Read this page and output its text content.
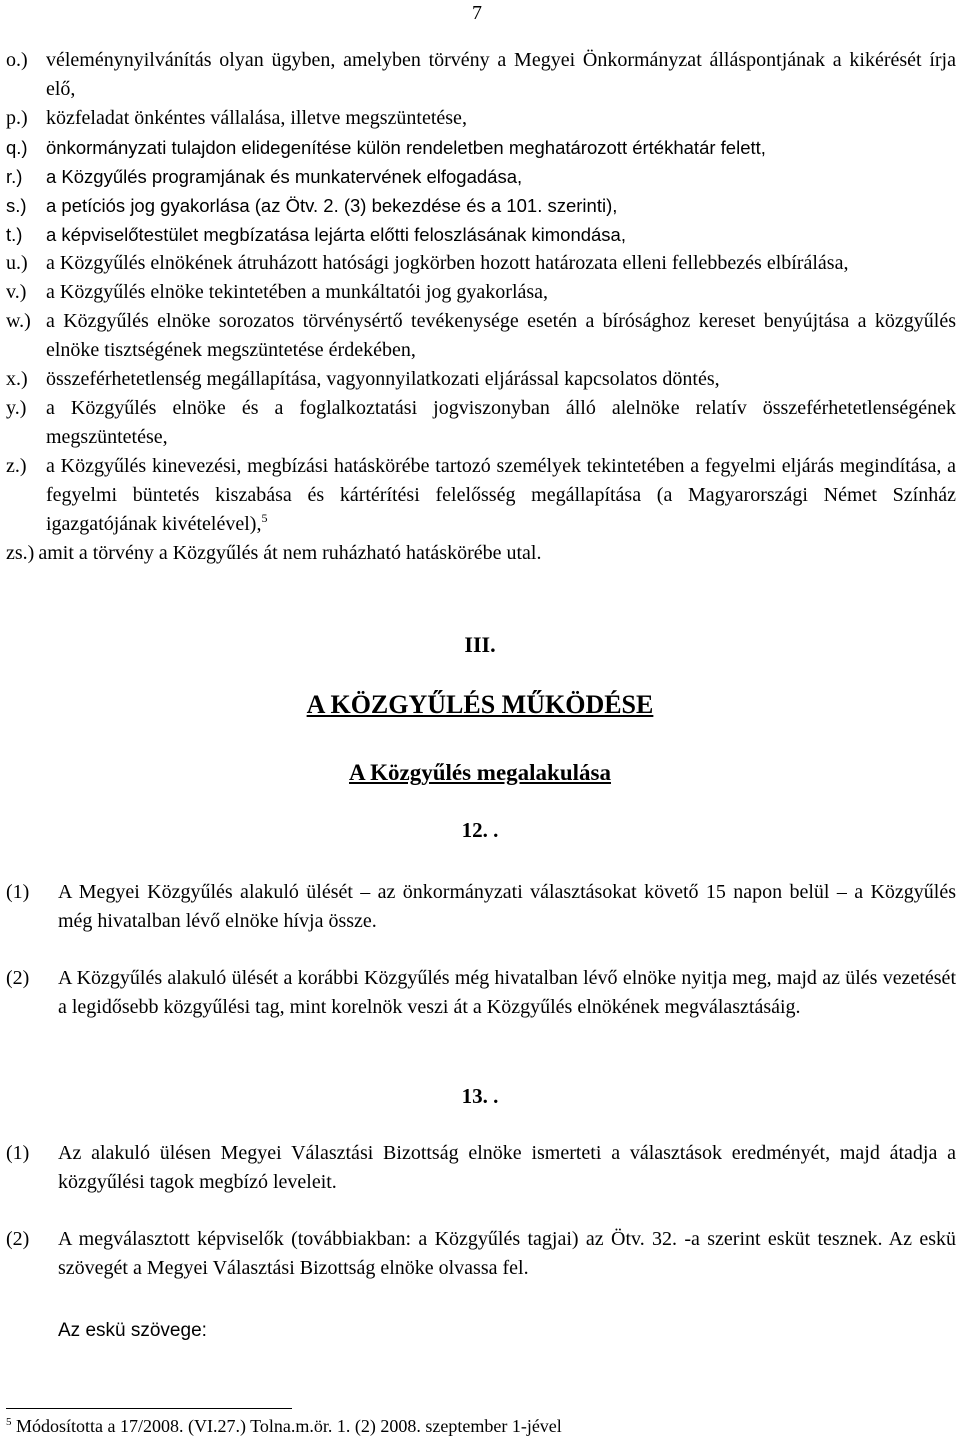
7
o.) véleménynyilvánítás olyan ügyben, amelyben törvény a Megyei Önkormányzat álláspontjának a kikérését írja elő,
p.) közfeladat önkéntes vállalása, illetve megszüntetése,
q.) önkormányzati tulajdon elidegenítése külön rendeletben meghatározott értékhatár felett,
r.)	a Közgyűlés programjának és munkatervének elfogadása,
s.)	a petíciós jog gyakorlása (az Ötv. 2. (3) bekezdése és a 101. szerinti),
t.)	a képviselőtestület megbízatása lejárta előtti feloszlásának kimondása,
u.) a Közgyűlés elnökének átruházott hatósági jogkörben hozott határozata elleni fellebbezés elbírálása,
v.) a Közgyűlés elnöke tekintetében a munkáltatói jog gyakorlása,
w.) a Közgyűlés elnöke sorozatos törvénysértő tevékenysége esetén a bírósághoz kereset benyújtása a közgyűlés elnöke tisztségének megszüntetése érdekében,
x.) összeférhetetlenség megállapítása, vagyonnyilatkozati eljárással kapcsolatos döntés,
y.) a Közgyűlés elnöke és a foglalkoztatási jogviszonyban álló alelnöke relatív összeférhetetlenségének megszüntetése,
z.) a Közgyűlés kinevezési, megbízási hatáskörébe tartozó személyek tekintetében a fegyelmi eljárás megindítása, a fegyelmi büntetés kiszabása és kártérítési felelősség megállapítása (a Magyarországi Német Színház igazgatójának kivételével),$^5$
zs.) amit a törvény a Közgyűlés át nem ruházható hatáskörébe utal.
III.
A KÖZGYŰLÉS MŰKÖDÉSE
A Közgyűlés megalakulása
12. .
(1)	A Megyei Közgyűlés alakuló ülését – az önkormányzati választásokat követő 15 napon belül – a Közgyűlés még hivatalban lévő elnöke hívja össze.
(2)	A Közgyűlés alakuló ülését a korábbi Közgyűlés még hivatalban lévő elnöke nyitja meg, majd az ülés vezetését a legidősebb közgyűlési tag, mint korelnök veszi át a Közgyűlés elnökének megválasztásáig.
13. .
(1)	Az alakuló ülésen Megyei Választási Bizottság elnöke ismerteti a választások eredményét, majd átadja a közgyűlési tagok megbízó leveleit.
(2)	A megválasztott képviselők (továbbiakban: a Közgyűlés tagjai) az Ötv. 32. -a szerint esküt tesznek. Az eskü szövegét a Megyei Választási Bizottság elnöke olvassa fel.
Az eskü szövege:
$^5$ Módosította a 17/2008. (VI.27.) Tolna.m.ör. 1. (2) 2008. szeptember 1-jével
